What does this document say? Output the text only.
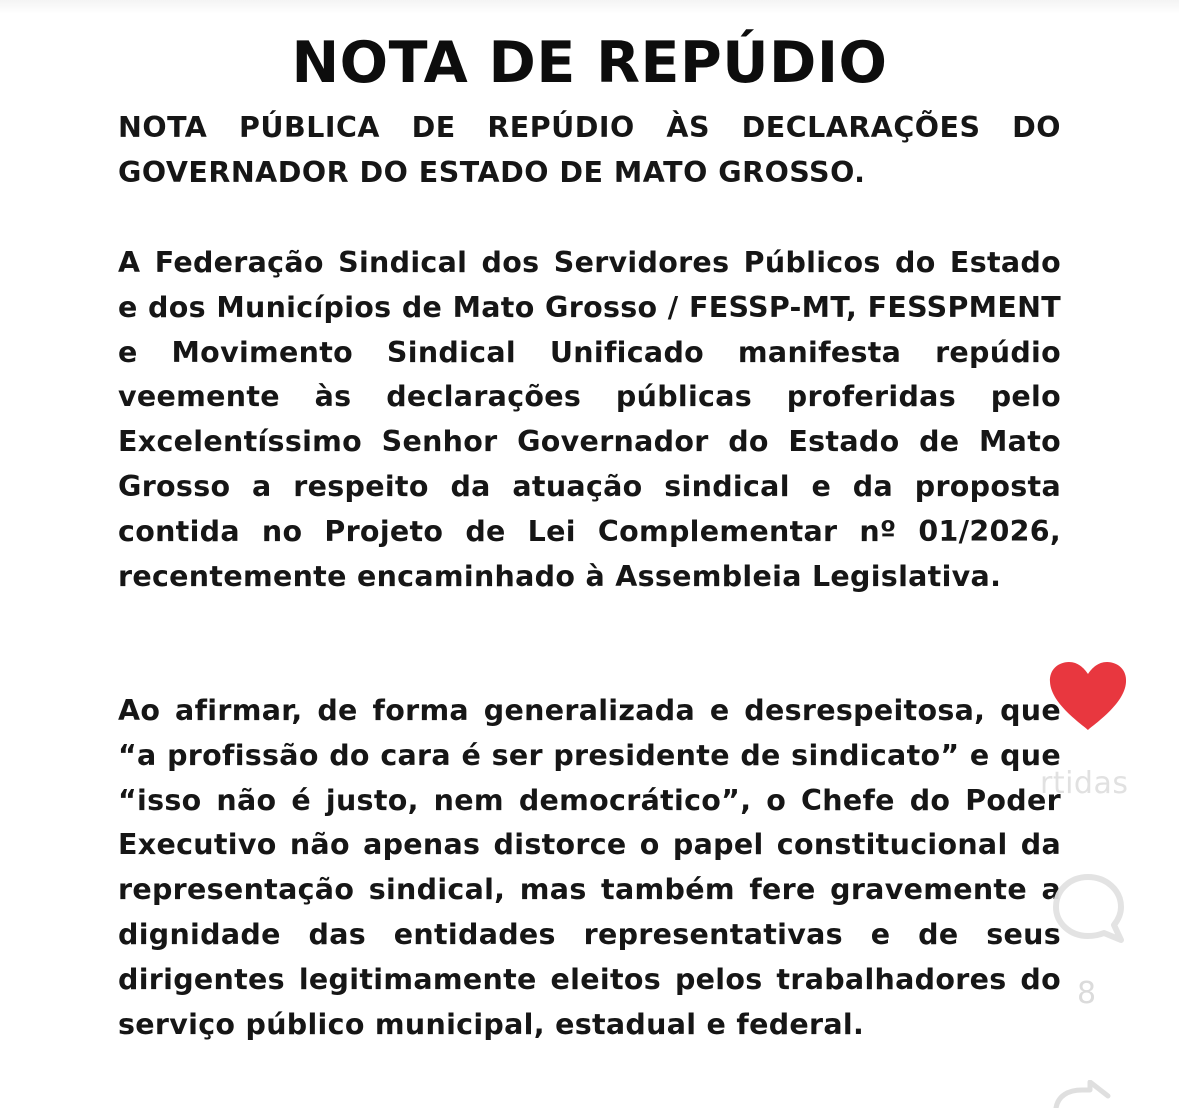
NOTA DE REPÚDIO

NOTA PÚBLICA DE REPÚDIO ÀS DECLARAÇÕES DO GOVERNADOR DO ESTADO DE MATO GROSSO.

A Federação Sindical dos Servidores Públicos do Estado e dos Municípios de Mato Grosso / FESSP-MT, FESSPMENT e Movimento Sindical Unificado manifesta repúdio veemente às declarações públicas proferidas pelo Excelentíssimo Senhor Governador do Estado de Mato Grosso a respeito da atuação sindical e da proposta contida no Projeto de Lei Complementar nº 01/2026, recentemente encaminhado à Assembleia Legislativa.

Ao afirmar, de forma generalizada e desrespeitosa, que “a profissão do cara é ser presidente de sindicato” e que “isso não é justo, nem democrático”, o Chefe do Poder Executivo não apenas distorce o papel constitucional da representação sindical, mas também fere gravemente a dignidade das entidades representativas e de seus dirigentes legitimamente eleitos pelos trabalhadores do serviço público municipal, estadual e federal.

rtidas
8
